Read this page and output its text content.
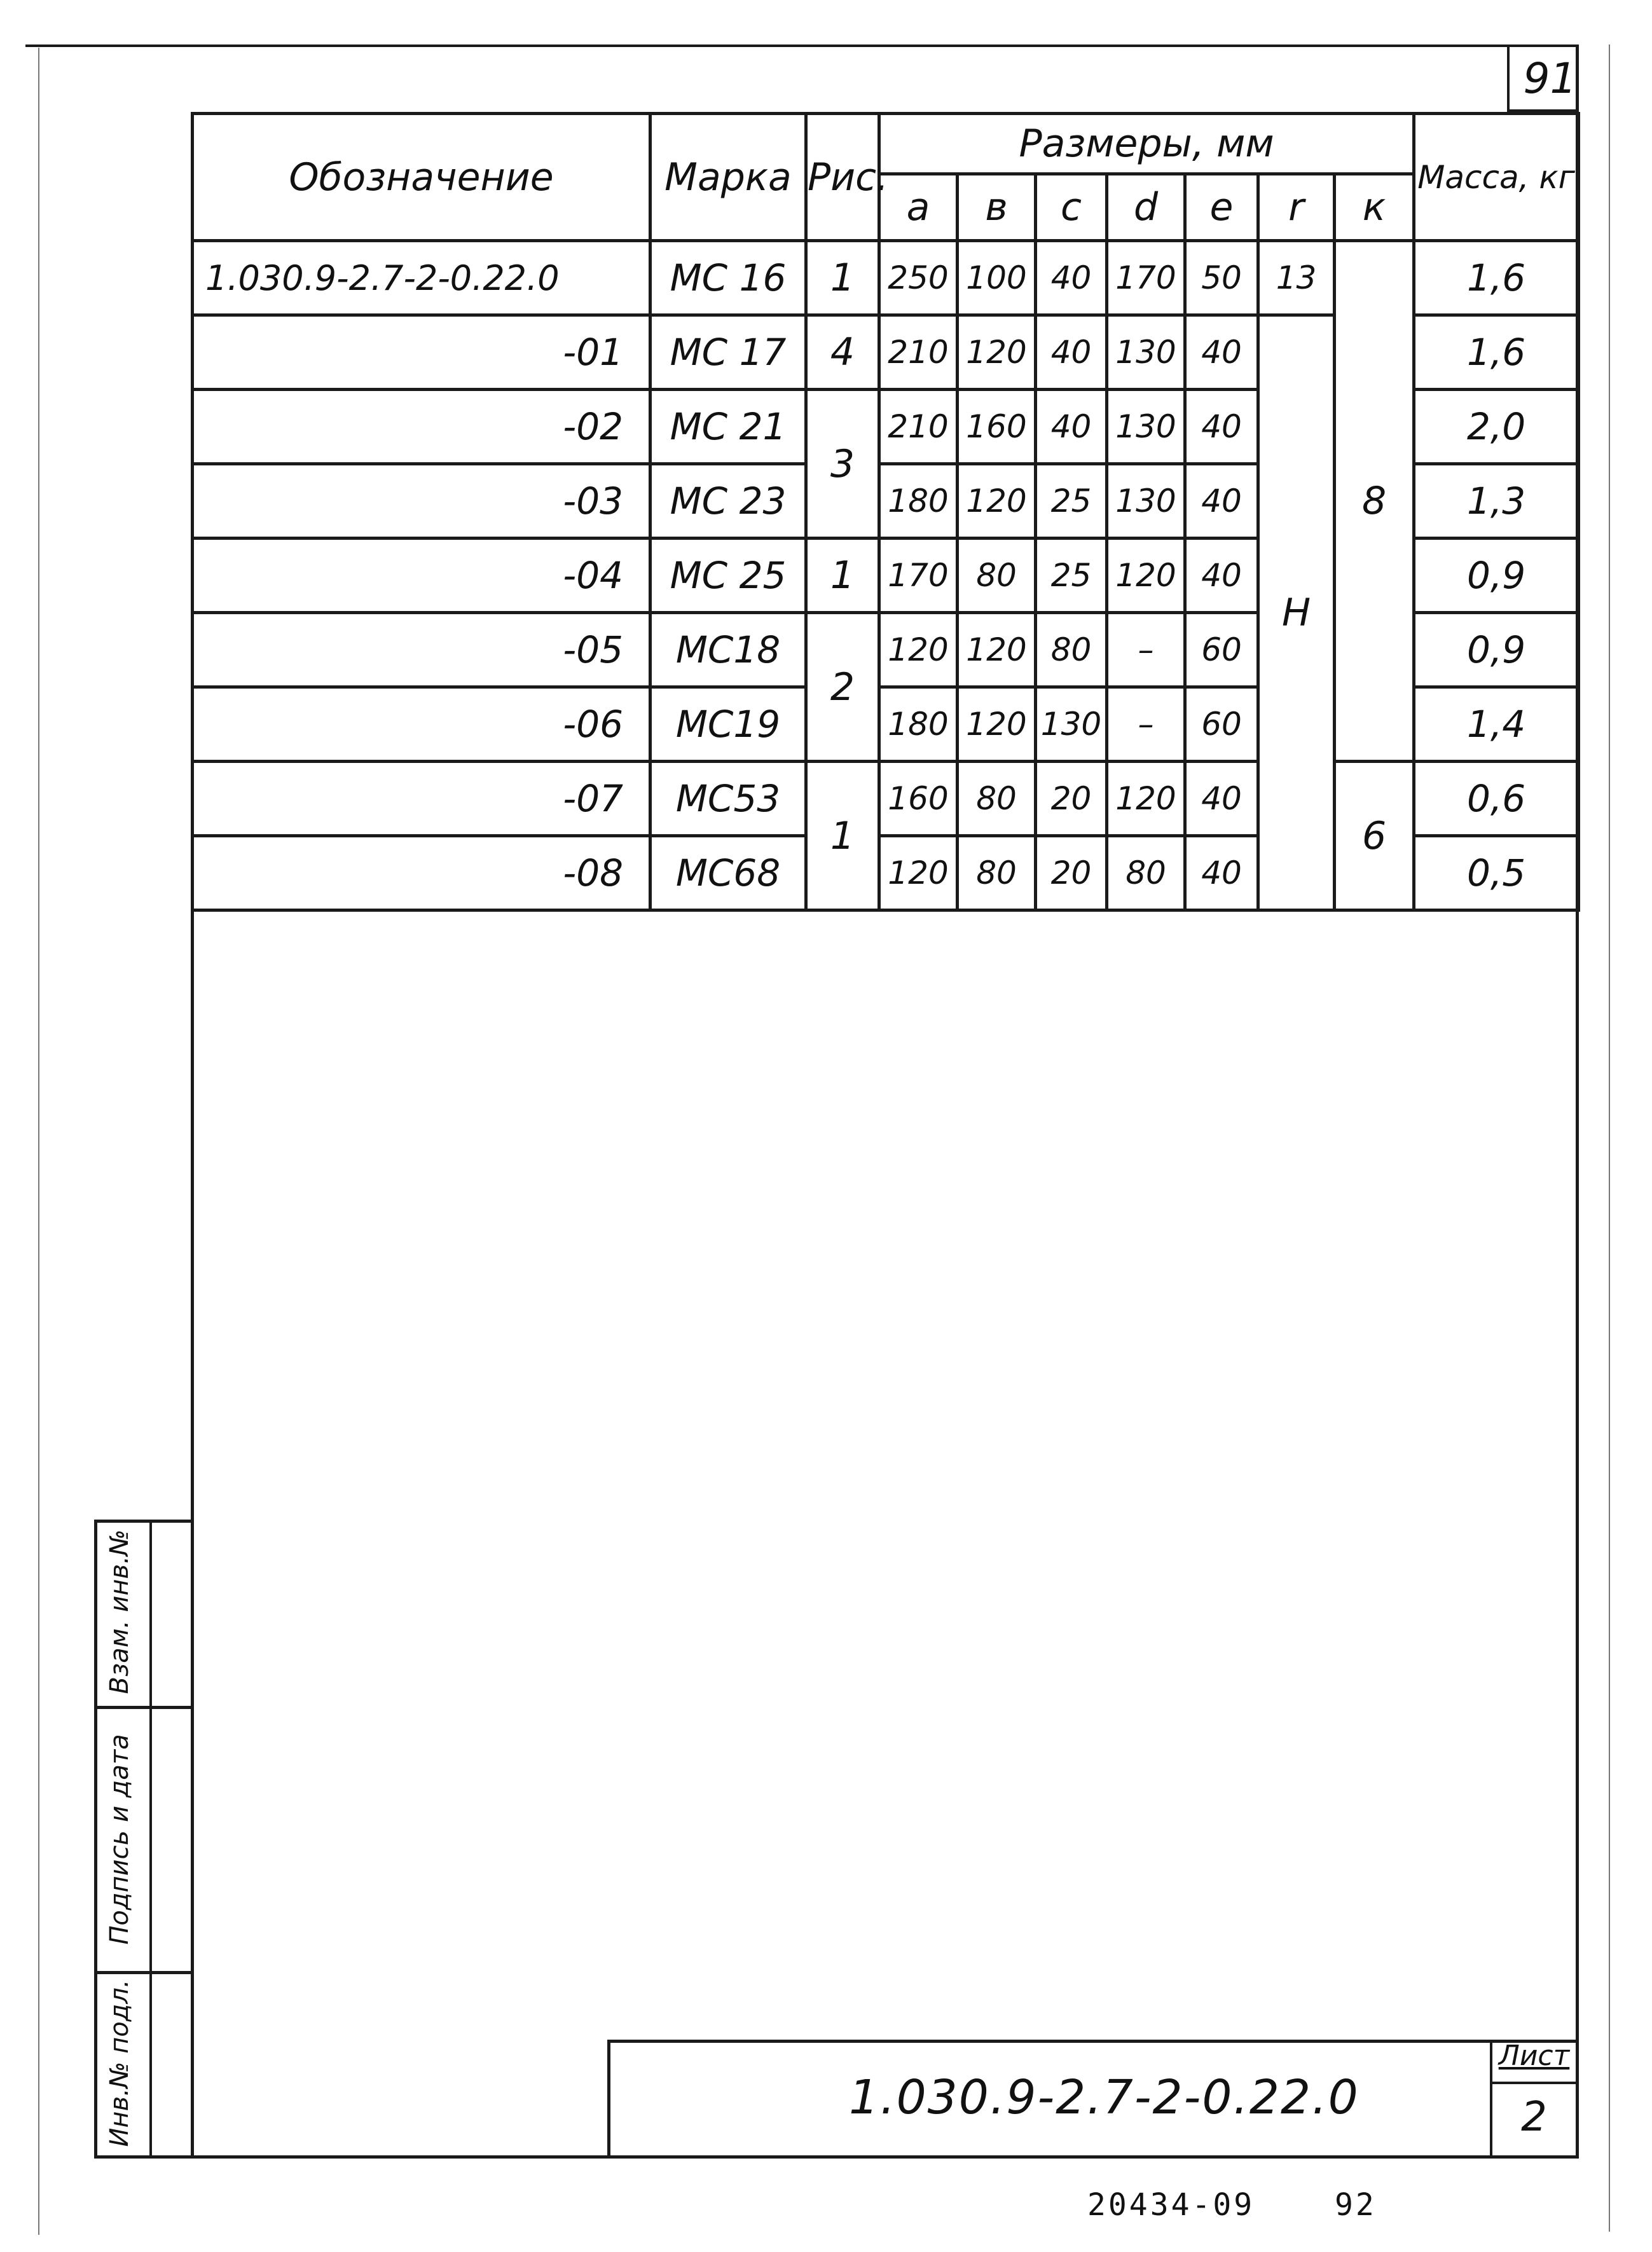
91
Обозначение	Марка	Рис.	Размеры, мм							Масса, кг
			a	в	c	d	e	r	к	
1.030.9-2.7-2-0.22.0	МС 16	1	250	100	40	170	50	13	8	1,6
-01	МС 17	4	210	120	40	130	40	Н		1,6
-02	МС 21	3	210	160	40	130	40			2,0
-03	МС 23		180	120	25	130	40			1,3
-04	МС 25	1	170	80	25	120	40			0,9
-05	МС18	2	120	120	80	–	60			0,9
-06	МС19		180	120	130	–	60			1,4
-07	МС53	1	160	80	20	120	40		6	0,6
-08	МС68		120	80	20	80	40			0,5
Взам. инв.№
Подпись и дата
Инв.№ подл.	1.030.9-2.7-2-0.22.0
Лист
2
20434-09	92
